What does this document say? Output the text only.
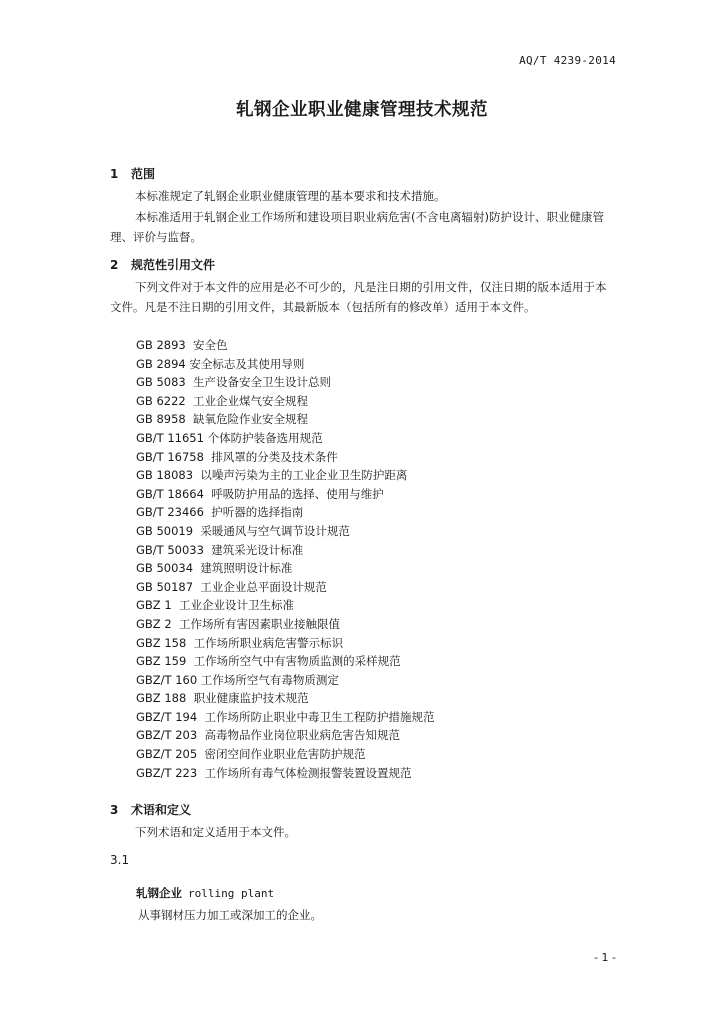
AQ/T 4239-2014
轧钢企业职业健康管理技术规范
1 范围
本标准规定了轧钢企业职业健康管理的基本要求和技术措施。
本标准适用于轧钢企业工作场所和建设项目职业病危害(不含电离辐射)防护设计、职业健康管理、评价与监督。
2 规范性引用文件
下列文件对于本文件的应用是必不可少的，凡是注日期的引用文件，仅注日期的版本适用于本文件。凡是不注日期的引用文件，其最新版本（包括所有的修改单）适用于本文件。
GB 2893  安全色
GB 2894 安全标志及其使用导则
GB 5083  生产设备安全卫生设计总则
GB 6222  工业企业煤气安全规程
GB 8958  缺氧危险作业安全规程
GB/T 11651 个体防护装备选用规范
GB/T 16758  排风罩的分类及技术条件
GB 18083  以噪声污染为主的工业企业卫生防护距离
GB/T 18664  呼吸防护用品的选择、使用与维护
GB/T 23466  护听器的选择指南
GB 50019  采暖通风与空气调节设计规范
GB/T 50033  建筑采光设计标准
GB 50034  建筑照明设计标准
GB 50187  工业企业总平面设计规范
GBZ 1  工业企业设计卫生标准
GBZ 2  工作场所有害因素职业接触限值
GBZ 158  工作场所职业病危害警示标识
GBZ 159  工作场所空气中有害物质监测的采样规范
GBZ/T 160 工作场所空气有毒物质测定
GBZ 188  职业健康监护技术规范
GBZ/T 194  工作场所防止职业中毒卫生工程防护措施规范
GBZ/T 203  高毒物品作业岗位职业病危害告知规范
GBZ/T 205  密闭空间作业职业危害防护规范
GBZ/T 223  工作场所有毒气体检测报警装置设置规范
3 术语和定义
下列术语和定义适用于本文件。
3.1
轧钢企业 rolling plant
从事钢材压力加工或深加工的企业。
- 1 -
